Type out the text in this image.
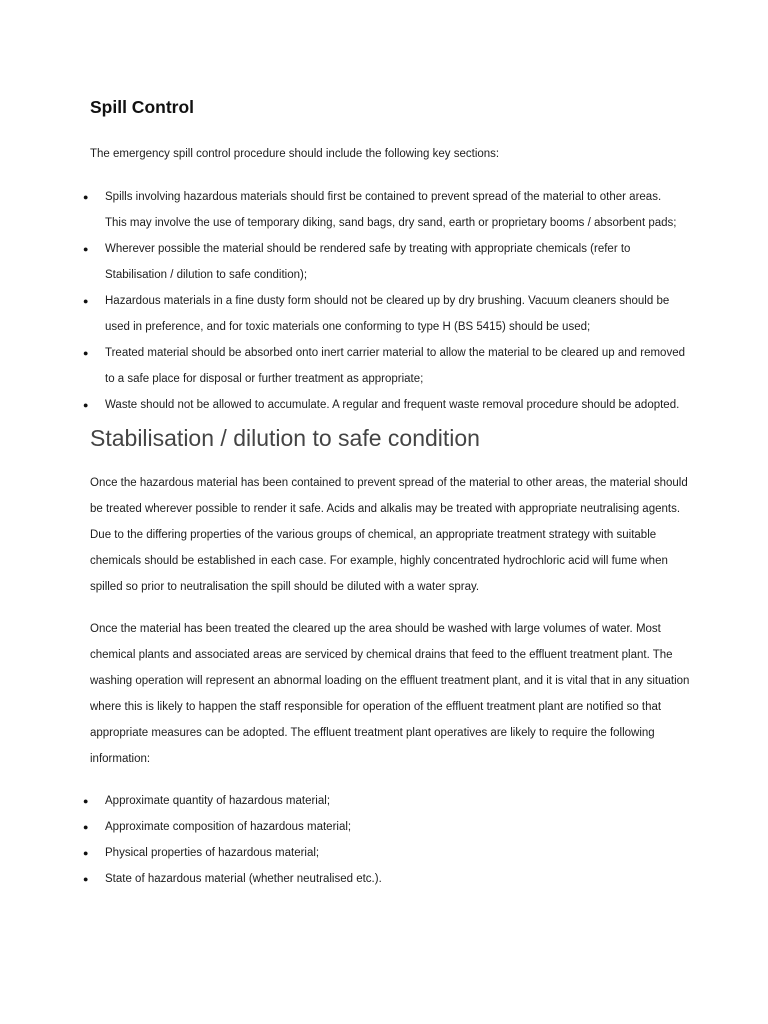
Spill Control

The emergency spill control procedure should include the following key sections:

● Spills involving hazardous materials should first be contained to prevent spread of the material to other areas. This may involve the use of temporary diking, sand bags, dry sand, earth or proprietary booms / absorbent pads;
● Wherever possible the material should be rendered safe by treating with appropriate chemicals (refer to Stabilisation / dilution to safe condition);
● Hazardous materials in a fine dusty form should not be cleared up by dry brushing. Vacuum cleaners should be used in preference, and for toxic materials one conforming to type H (BS 5415) should be used;
● Treated material should be absorbed onto inert carrier material to allow the material to be cleared up and removed to a safe place for disposal or further treatment as appropriate;
● Waste should not be allowed to accumulate. A regular and frequent waste removal procedure should be adopted.
Stabilisation / dilution to safe condition

Once the hazardous material has been contained to prevent spread of the material to other areas, the material should be treated wherever possible to render it safe. Acids and alkalis may be treated with appropriate neutralising agents. Due to the differing properties of the various groups of chemical, an appropriate treatment strategy with suitable chemicals should be established in each case. For example, highly concentrated hydrochloric acid will fume when spilled so prior to neutralisation the spill should be diluted with a water spray.

Once the material has been treated the cleared up the area should be washed with large volumes of water. Most chemical plants and associated areas are serviced by chemical drains that feed to the effluent treatment plant. The washing operation will represent an abnormal loading on the effluent treatment plant, and it is vital that in any situation where this is likely to happen the staff responsible for operation of the effluent treatment plant are notified so that appropriate measures can be adopted. The effluent treatment plant operatives are likely to require the following information:

● Approximate quantity of hazardous material;
● Approximate composition of hazardous material;
● Physical properties of hazardous material;
● State of hazardous material (whether neutralised etc.).
